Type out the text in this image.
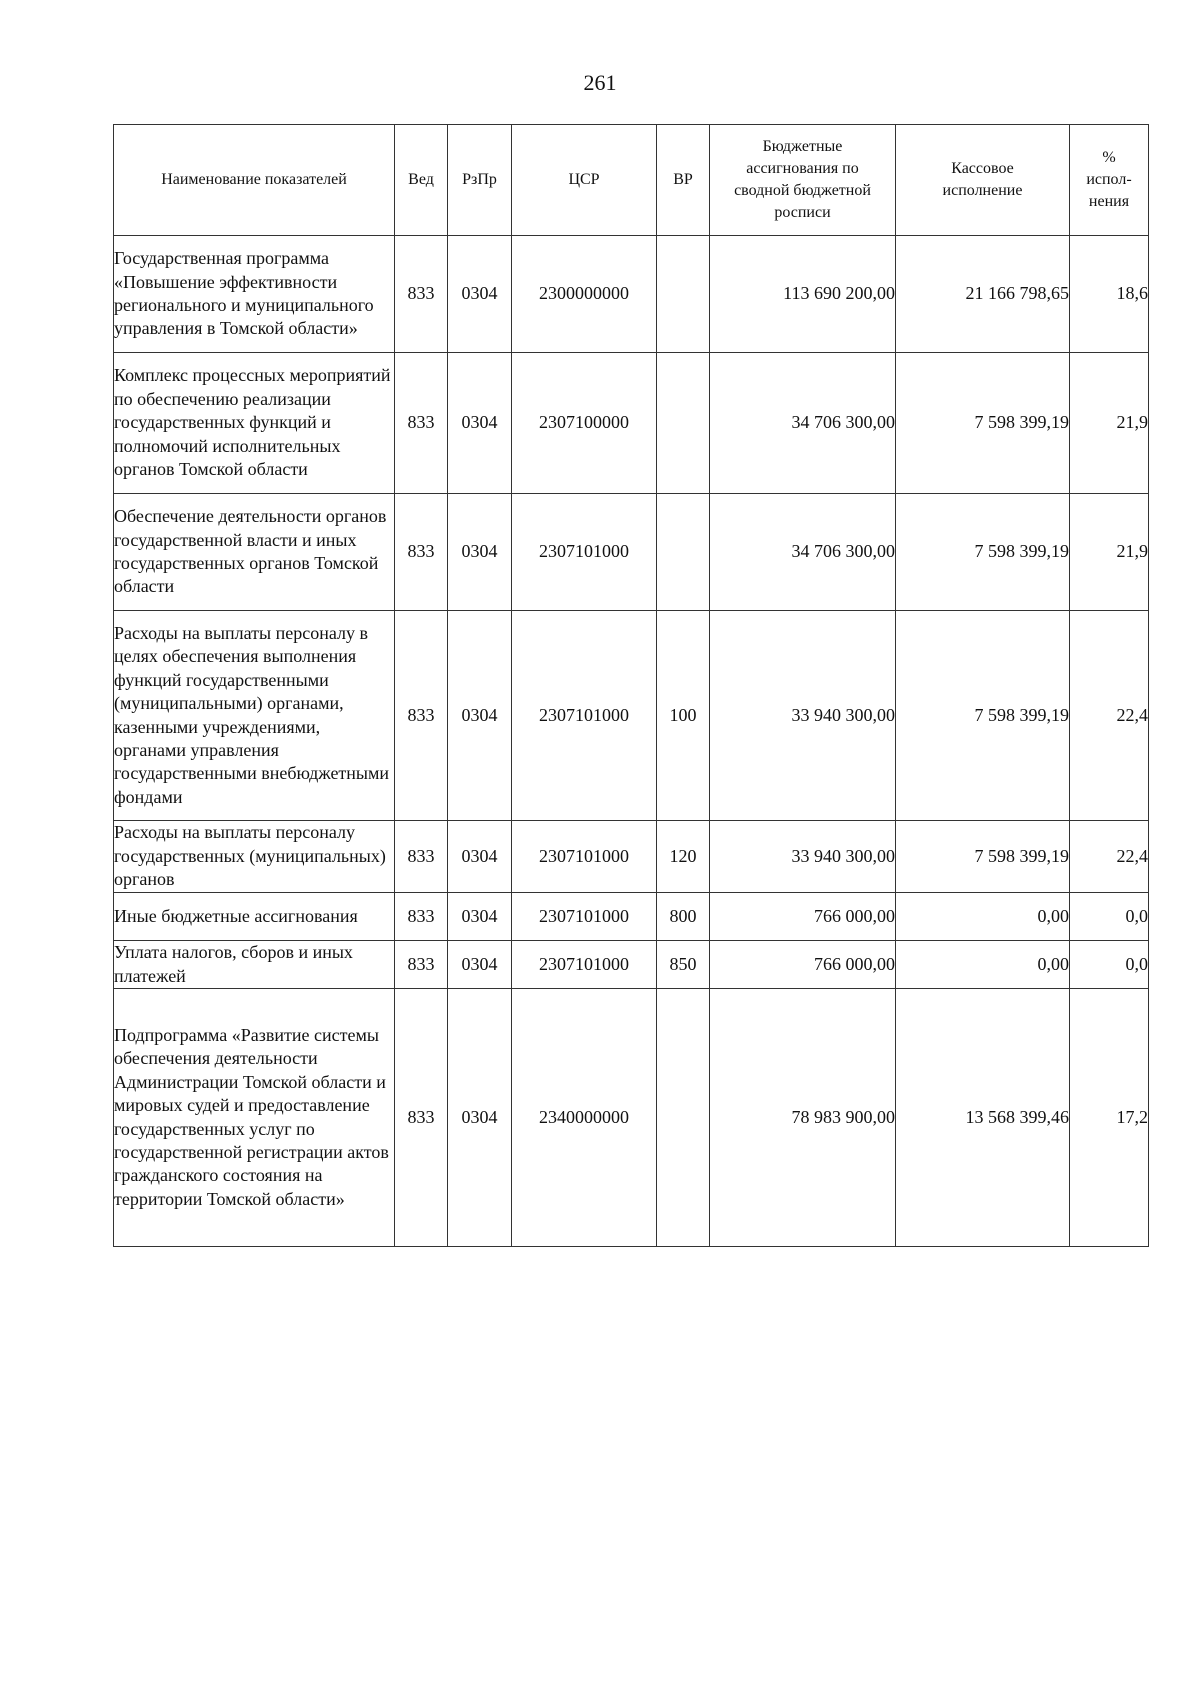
261
Наименование показателей	Вед	РзПр	ЦСР	ВР	Бюджетные ассигнования по сводной бюджетной росписи	Кассовое исполнение	% испол-нения
Государственная программа «Повышение эффективности регионального и муниципального управления в Томской области»	833	0304	2300000000		113 690 200,00	21 166 798,65	18,6
Комплекс процессных мероприятий по обеспечению реализации государственных функций и полномочий исполнительных органов Томской области	833	0304	2307100000		34 706 300,00	7 598 399,19	21,9
Обеспечение деятельности органов государственной власти и иных государственных органов Томской области	833	0304	2307101000		34 706 300,00	7 598 399,19	21,9
Расходы на выплаты персоналу в целях обеспечения выполнения функций государственными (муниципальными) органами, казенными учреждениями, органами управления государственными внебюджетными фондами	833	0304	2307101000	100	33 940 300,00	7 598 399,19	22,4
Расходы на выплаты персоналу государственных (муниципальных) органов	833	0304	2307101000	120	33 940 300,00	7 598 399,19	22,4
Иные бюджетные ассигнования	833	0304	2307101000	800	766 000,00	0,00	0,0
Уплата налогов, сборов и иных платежей	833	0304	2307101000	850	766 000,00	0,00	0,0
Подпрограмма «Развитие системы обеспечения деятельности Администрации Томской области и мировых судей и предоставление государственных услуг по государственной регистрации актов гражданского состояния на территории Томской области»	833	0304	2340000000		78 983 900,00	13 568 399,46	17,2
